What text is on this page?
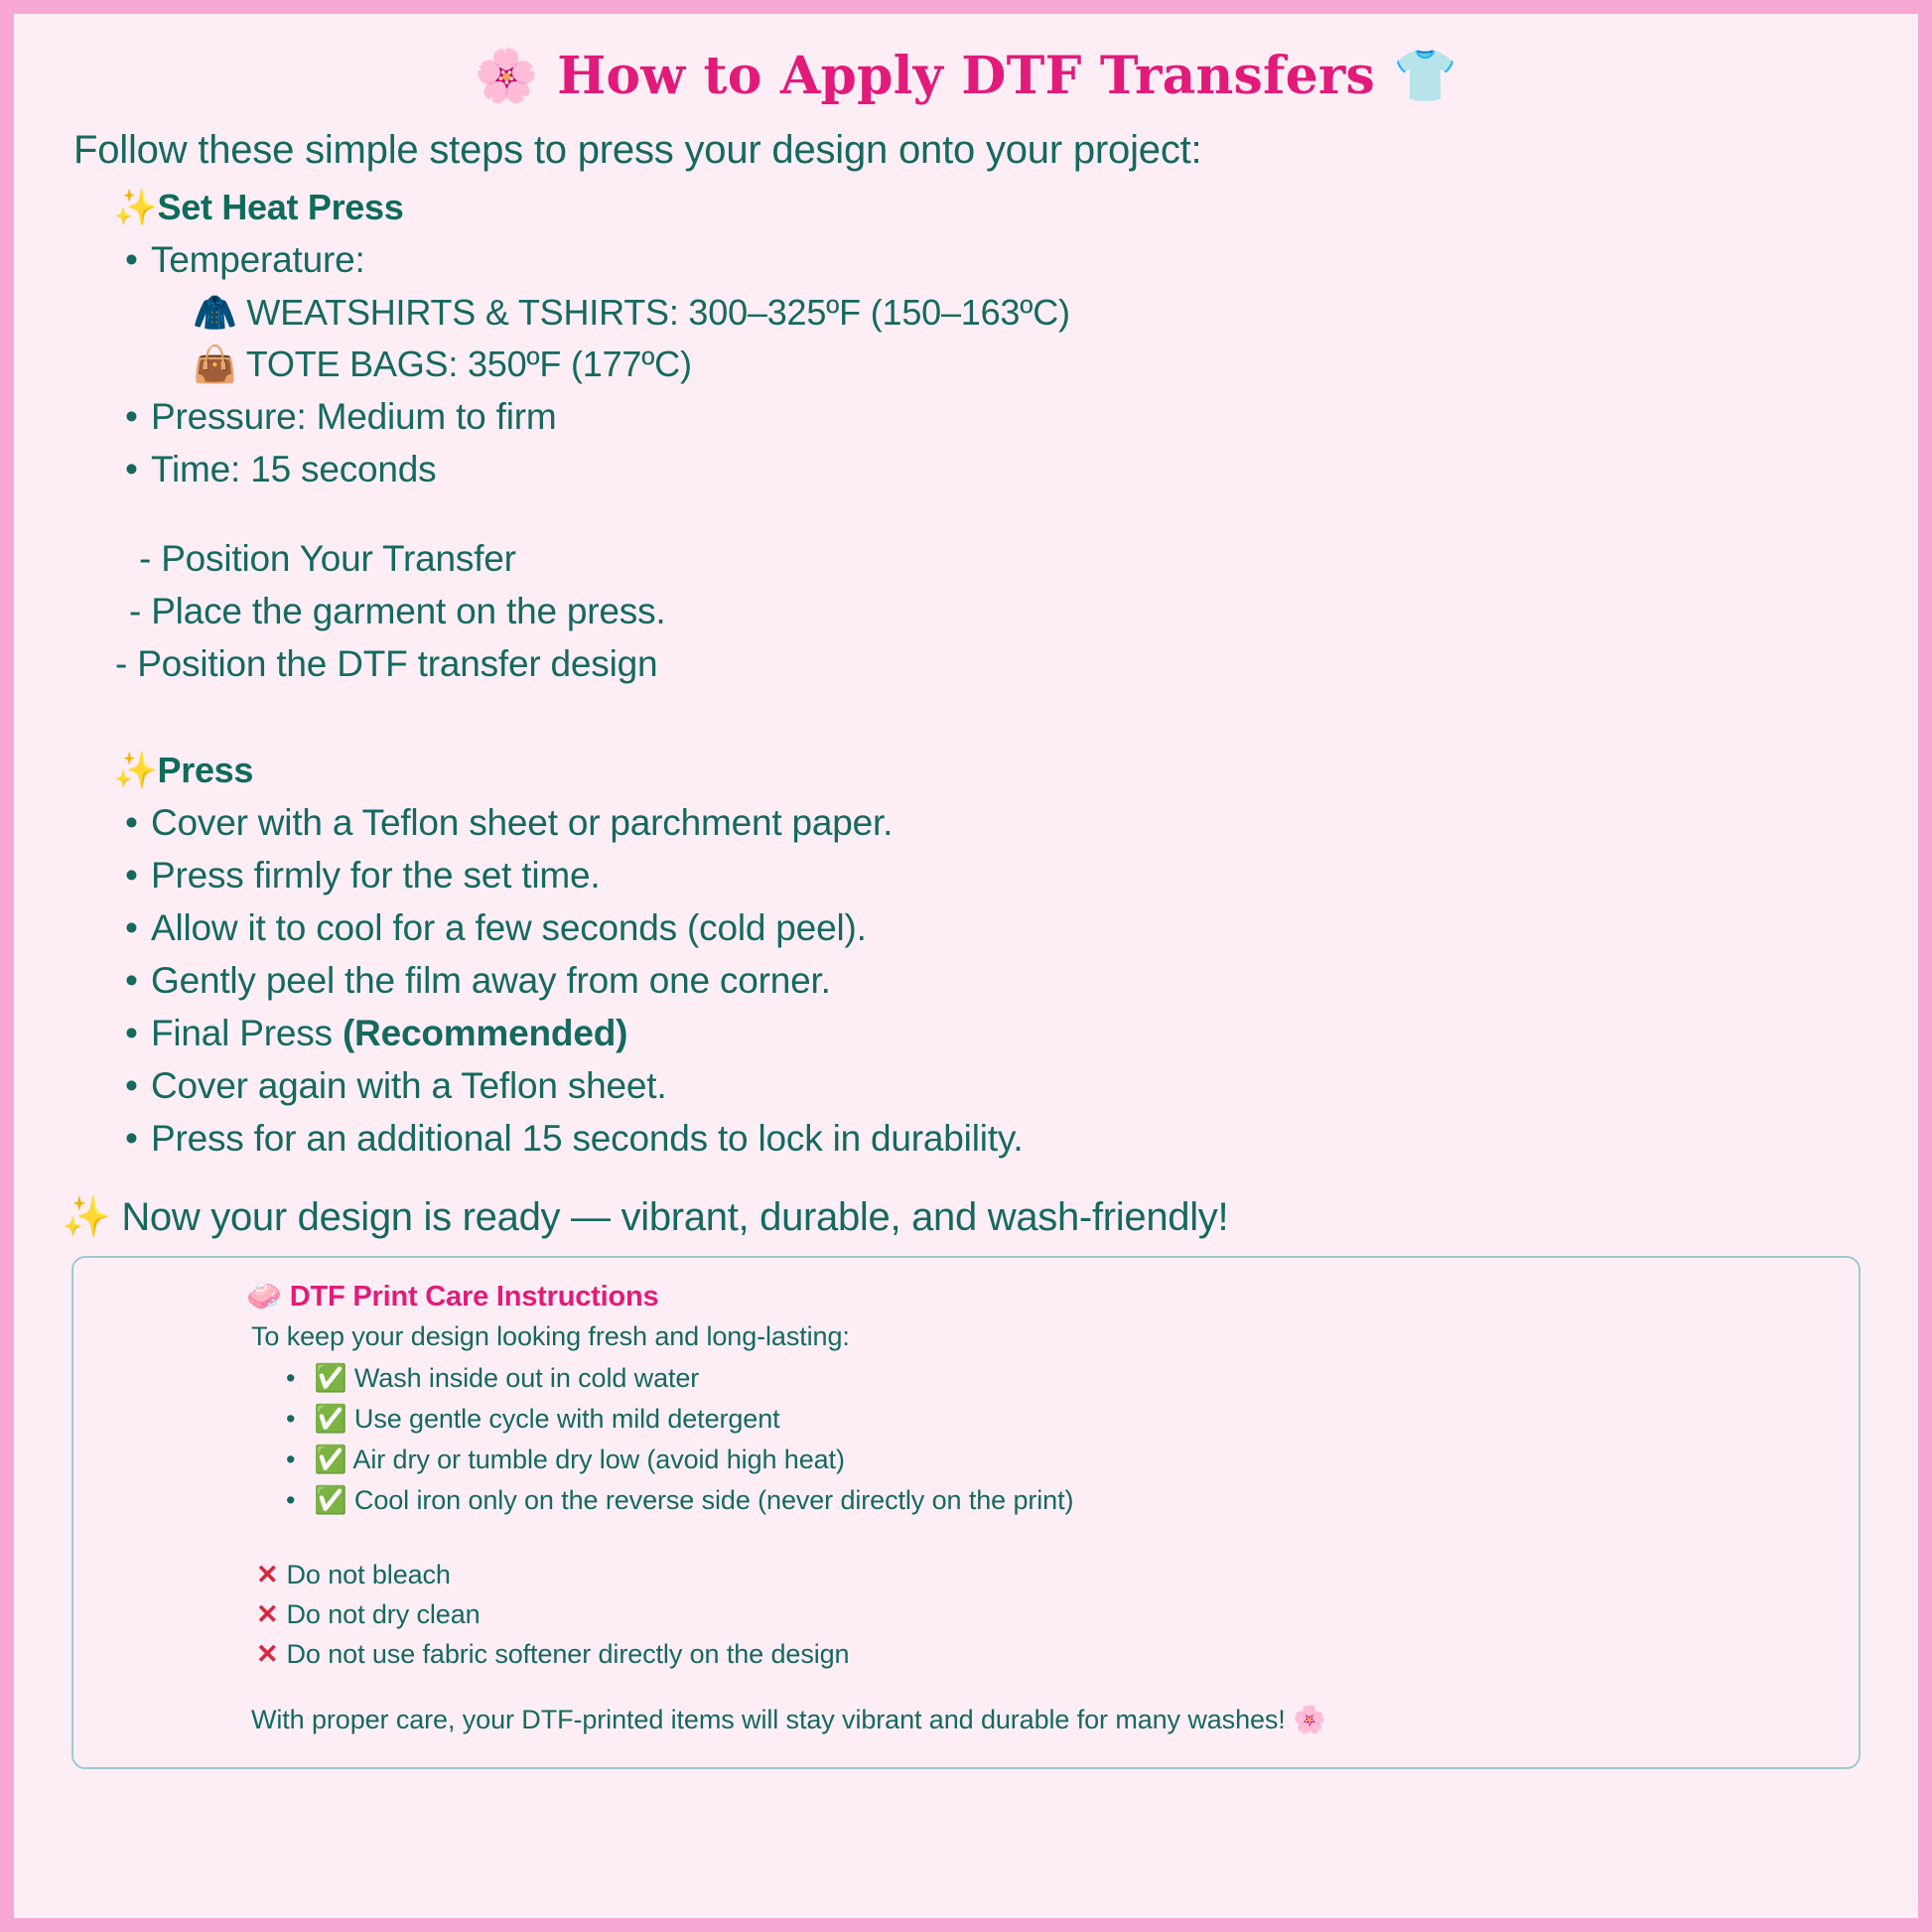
🌸 How to Apply DTF Transfers 👕
Follow these simple steps to press your design onto your project:
✨Set Heat Press
• Temperature:
🧥 WEATSHIRTS & TSHIRTS: 300–325ºF (150–163ºC)
👜 TOTE BAGS: 350ºF (177ºC)
• Pressure: Medium to firm
• Time: 15 seconds
- Position Your Transfer
- Place the garment on the press.
- Position the DTF transfer design
✨Press
• Cover with a Teflon sheet or parchment paper.
• Press firmly for the set time.
• Allow it to cool for a few seconds (cold peel).
• Gently peel the film away from one corner.
• Final Press (Recommended)
• Cover again with a Teflon sheet.
• Press for an additional 15 seconds to lock in durability.
✨ Now your design is ready — vibrant, durable, and wash-friendly!
🧼 DTF Print Care Instructions
To keep your design looking fresh and long-lasting:
• ✅ Wash inside out in cold water
• ✅ Use gentle cycle with mild detergent
• ✅ Air dry or tumble dry low (avoid high heat)
• ✅ Cool iron only on the reverse side (never directly on the print)
✕ Do not bleach
✕ Do not dry clean
✕ Do not use fabric softener directly on the design
With proper care, your DTF-printed items will stay vibrant and durable for many washes! 🌸
